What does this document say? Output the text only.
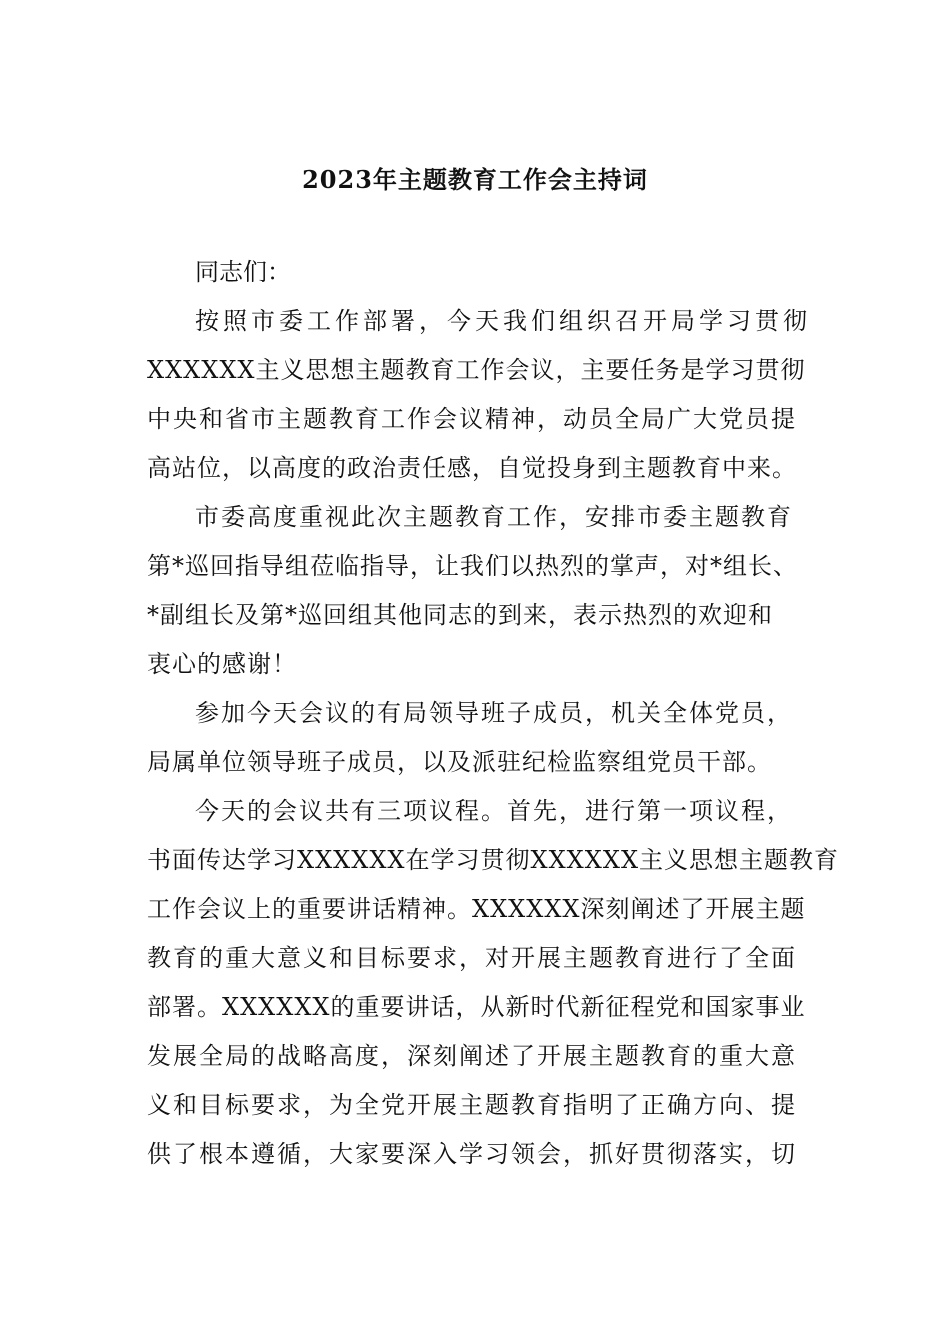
2023年主题教育工作会主持词

同志们：

按照市委工作部署，今天我们组织召开局学习贯彻

XXXXXX主义思想主题教育工作会议，主要任务是学习贯彻

中央和省市主题教育工作会议精神，动员全局广大党员提

高站位，以高度的政治责任感，自觉投身到主题教育中来。

市委高度重视此次主题教育工作，安排市委主题教育

第*巡回指导组莅临指导，让我们以热烈的掌声，对*组长、

*副组长及第*巡回组其他同志的到来，表示热烈的欢迎和

衷心的感谢！

参加今天会议的有局领导班子成员，机关全体党员，

局属单位领导班子成员，以及派驻纪检监察组党员干部。

今天的会议共有三项议程。首先，进行第一项议程，

书面传达学习XXXXXX在学习贯彻XXXXXX主义思想主题教育

工作会议上的重要讲话精神。XXXXXX深刻阐述了开展主题

教育的重大意义和目标要求，对开展主题教育进行了全面

部署。XXXXXX的重要讲话，从新时代新征程党和国家事业

发展全局的战略高度，深刻阐述了开展主题教育的重大意

义和目标要求，为全党开展主题教育指明了正确方向、提

供了根本遵循，大家要深入学习领会，抓好贯彻落实，切
